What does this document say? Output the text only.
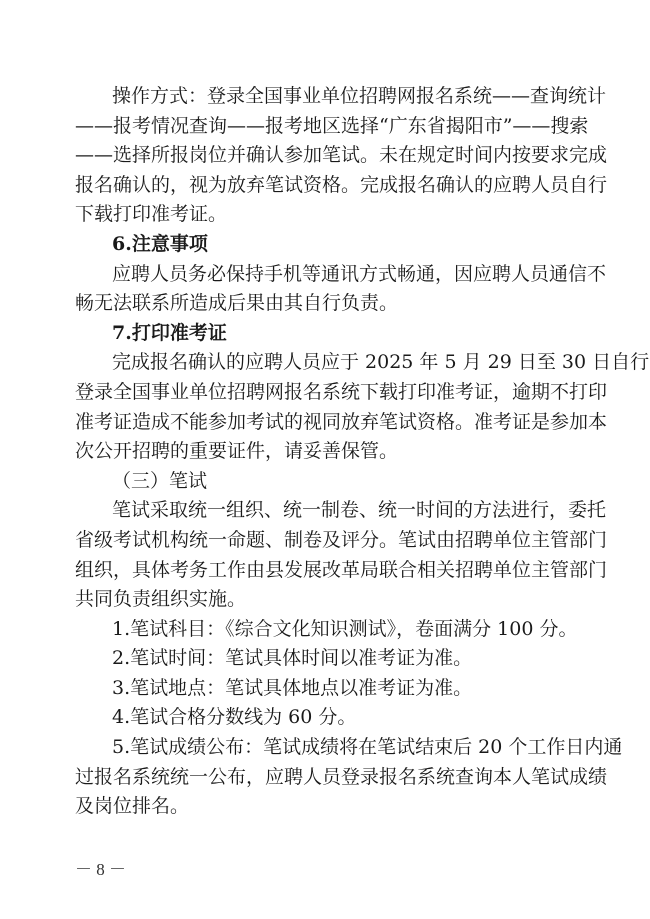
操作方式：登录全国事业单位招聘网报名系统——查询统计
——报考情况查询——报考地区选择“广东省揭阳市”——搜索
——选择所报岗位并确认参加笔试。未在规定时间内按要求完成
报名确认的，视为放弃笔试资格。完成报名确认的应聘人员自行
下载打印准考证。
6.注意事项
应聘人员务必保持手机等通讯方式畅通，因应聘人员通信不
畅无法联系所造成后果由其自行负责。
7.打印准考证
完成报名确认的应聘人员应于 2025 年 5 月 29 日至 30 日自行
登录全国事业单位招聘网报名系统下载打印准考证，逾期不打印
准考证造成不能参加考试的视同放弃笔试资格。准考证是参加本
次公开招聘的重要证件，请妥善保管。
（三）笔试
笔试采取统一组织、统一制卷、统一时间的方法进行，委托
省级考试机构统一命题、制卷及评分。笔试由招聘单位主管部门
组织，具体考务工作由县发展改革局联合相关招聘单位主管部门
共同负责组织实施。
1.笔试科目：《综合文化知识测试》，卷面满分 100 分。
2.笔试时间：笔试具体时间以准考证为准。
3.笔试地点：笔试具体地点以准考证为准。
4.笔试合格分数线为 60 分。
5.笔试成绩公布：笔试成绩将在笔试结束后 20 个工作日内通
过报名系统统一公布，应聘人员登录报名系统查询本人笔试成绩
及岗位排名。
－ 8 －
